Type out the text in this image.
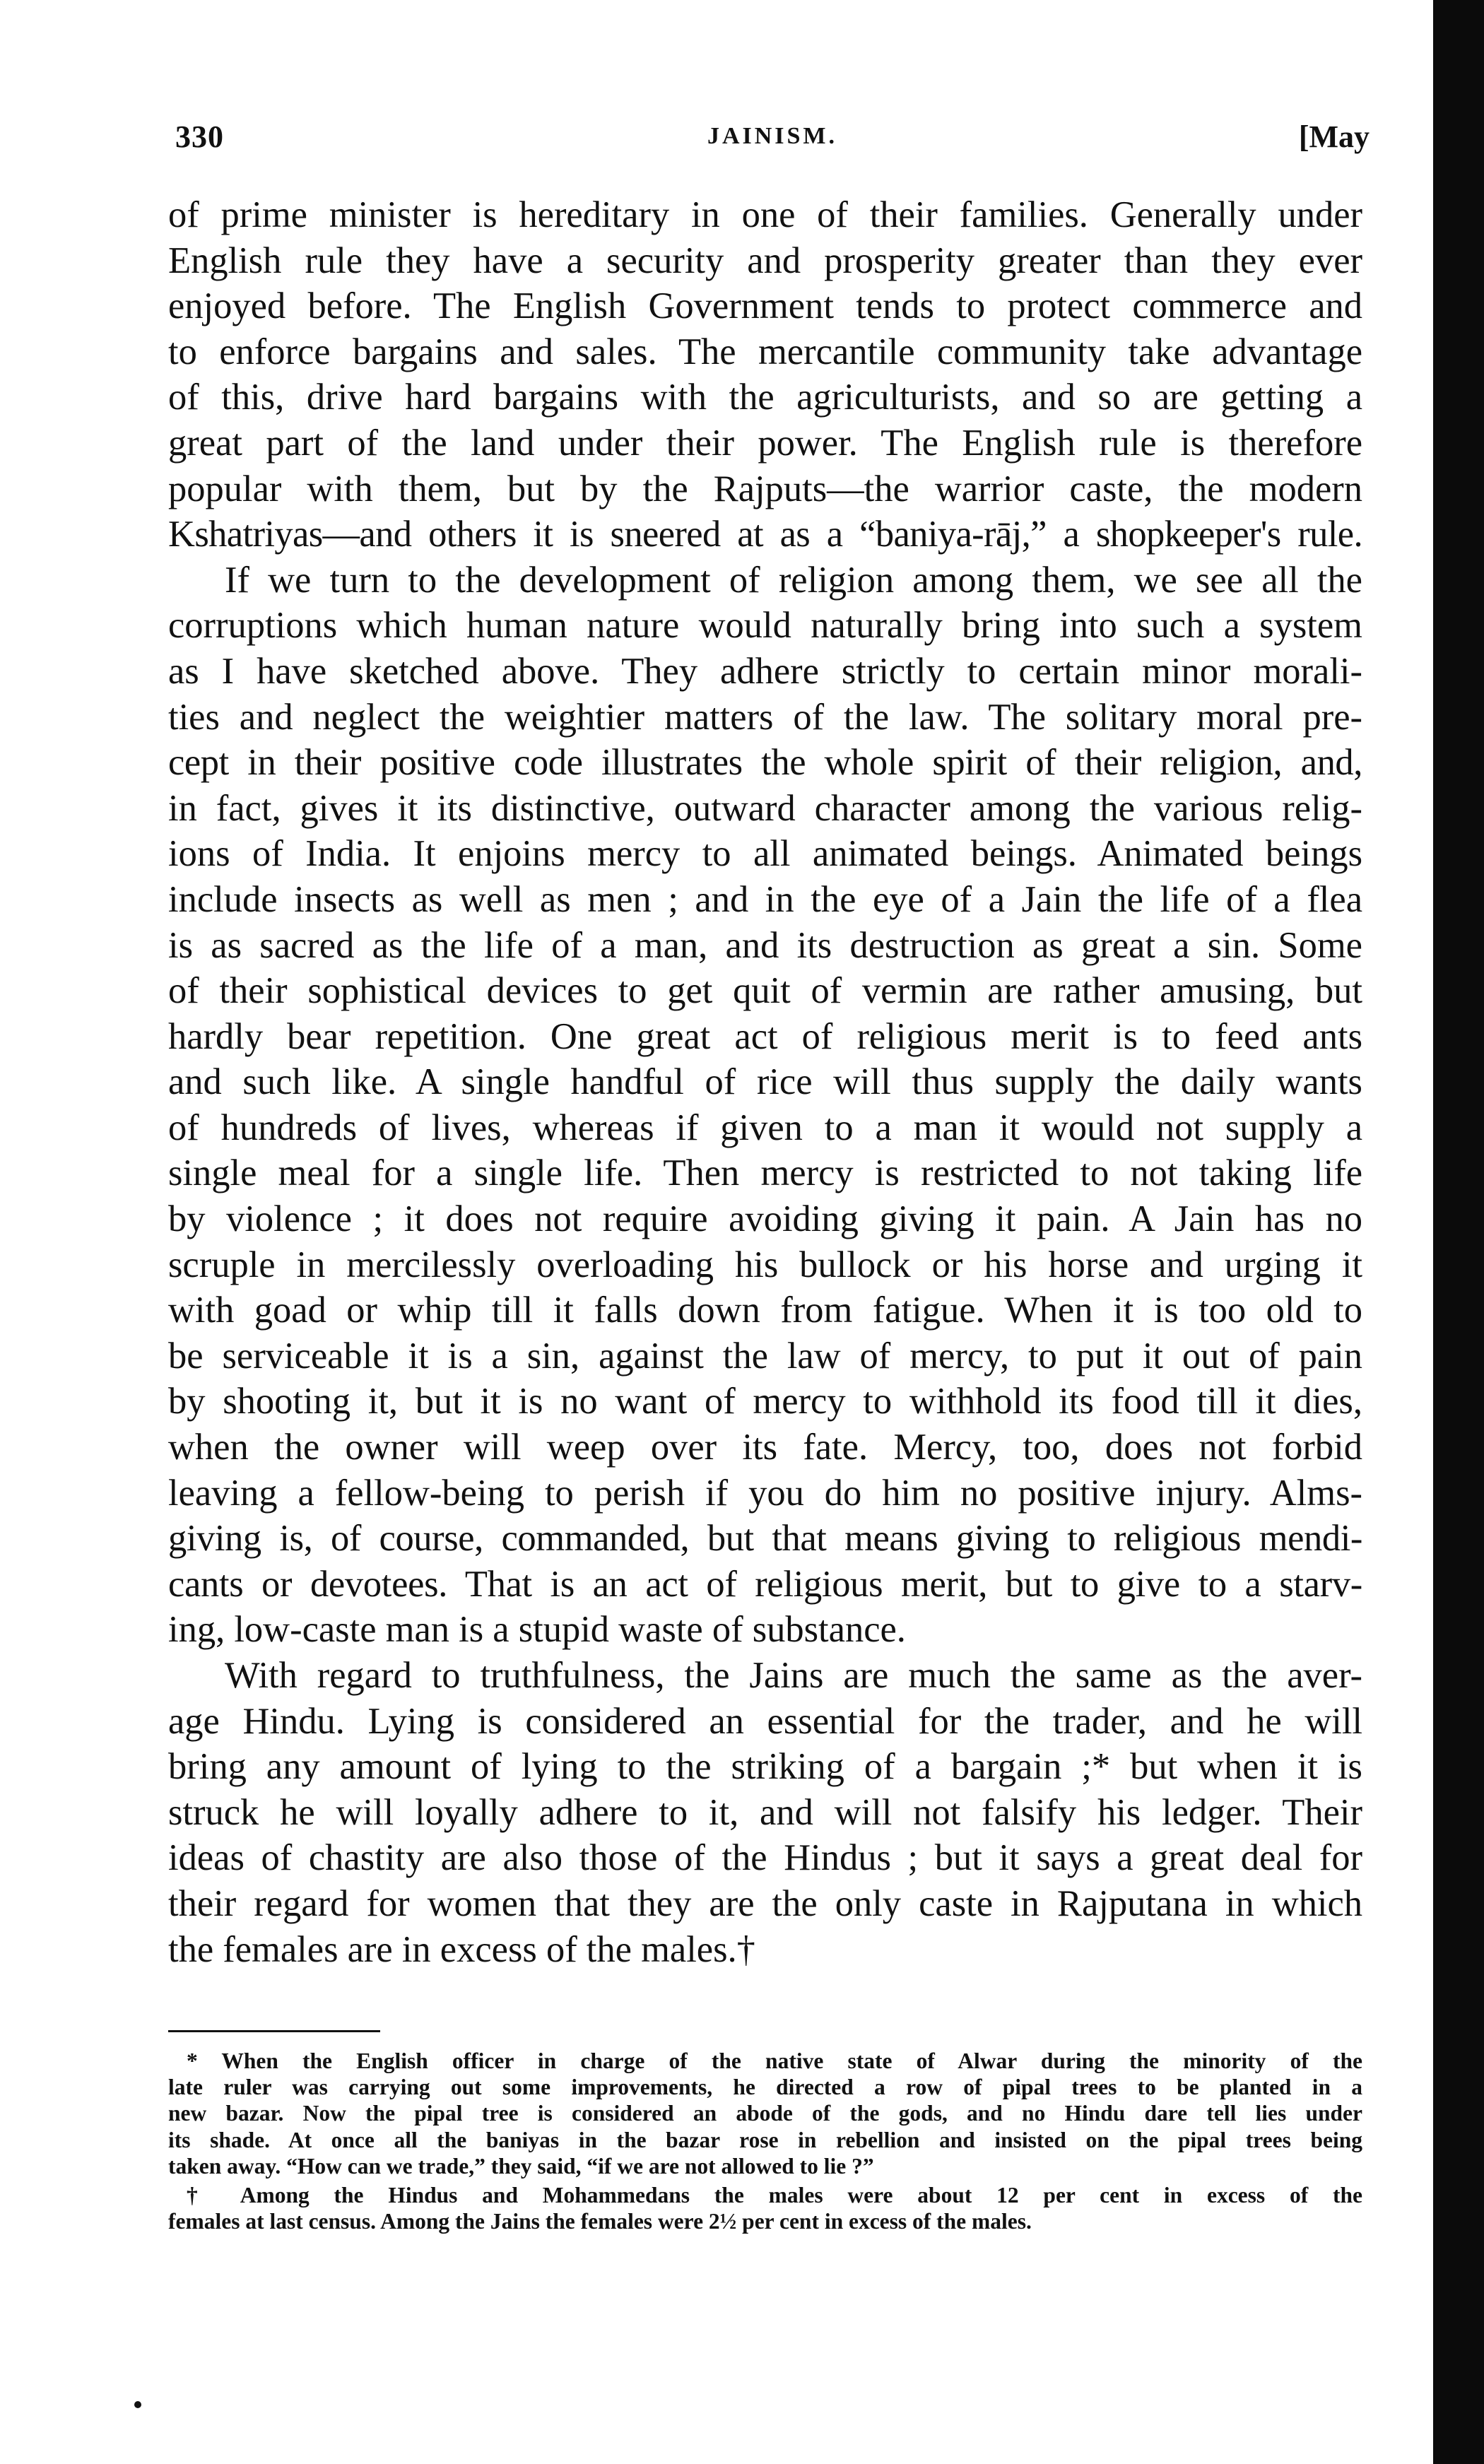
330	JAINISM.	[May
of prime minister is hereditary in one of their families. Generally under
English rule they have a security and prosperity greater than they ever
enjoyed before. The English Government tends to protect commerce and
to enforce bargains and sales. The mercantile community take advantage
of this, drive hard bargains with the agriculturists, and so are getting a
great part of the land under their power. The English rule is therefore
popular with them, but by the Rajputs—the warrior caste, the modern
Kshatriyas—and others it is sneered at as a “baniya-rāj,” a shopkeeper's rule.
If we turn to the development of religion among them, we see all the
corruptions which human nature would naturally bring into such a system
as I have sketched above. They adhere strictly to certain minor morali-
ties and neglect the weightier matters of the law. The solitary moral pre-
cept in their positive code illustrates the whole spirit of their religion, and,
in fact, gives it its distinctive, outward character among the various relig-
ions of India. It enjoins mercy to all animated beings. Animated beings
include insects as well as men ; and in the eye of a Jain the life of a flea
is as sacred as the life of a man, and its destruction as great a sin. Some
of their sophistical devices to get quit of vermin are rather amusing, but
hardly bear repetition. One great act of religious merit is to feed ants
and such like. A single handful of rice will thus supply the daily wants
of hundreds of lives, whereas if given to a man it would not supply a
single meal for a single life. Then mercy is restricted to not taking life
by violence ; it does not require avoiding giving it pain. A Jain has no
scruple in mercilessly overloading his bullock or his horse and urging it
with goad or whip till it falls down from fatigue. When it is too old to
be serviceable it is a sin, against the law of mercy, to put it out of pain
by shooting it, but it is no want of mercy to withhold its food till it dies,
when the owner will weep over its fate. Mercy, too, does not forbid
leaving a fellow-being to perish if you do him no positive injury. Alms-
giving is, of course, commanded, but that means giving to religious mendi-
cants or devotees. That is an act of religious merit, but to give to a starv-
ing, low-caste man is a stupid waste of substance.
With regard to truthfulness, the Jains are much the same as the aver-
age Hindu. Lying is considered an essential for the trader, and he will
bring any amount of lying to the striking of a bargain ;* but when it is
struck he will loyally adhere to it, and will not falsify his ledger. Their
ideas of chastity are also those of the Hindus ; but it says a great deal for
their regard for women that they are the only caste in Rajputana in which
the females are in excess of the males.†
* When the English officer in charge of the native state of Alwar during the minority of the
late ruler was carrying out some improvements, he directed a row of pipal trees to be planted in a
new bazar. Now the pipal tree is considered an abode of the gods, and no Hindu dare tell lies under
its shade. At once all the baniyas in the bazar rose in rebellion and insisted on the pipal trees being
taken away. “How can we trade,” they said, “if we are not allowed to lie ?”
† Among the Hindus and Mohammedans the males were about 12 per cent in excess of the
females at last census. Among the Jains the females were 2½ per cent in excess of the males.
